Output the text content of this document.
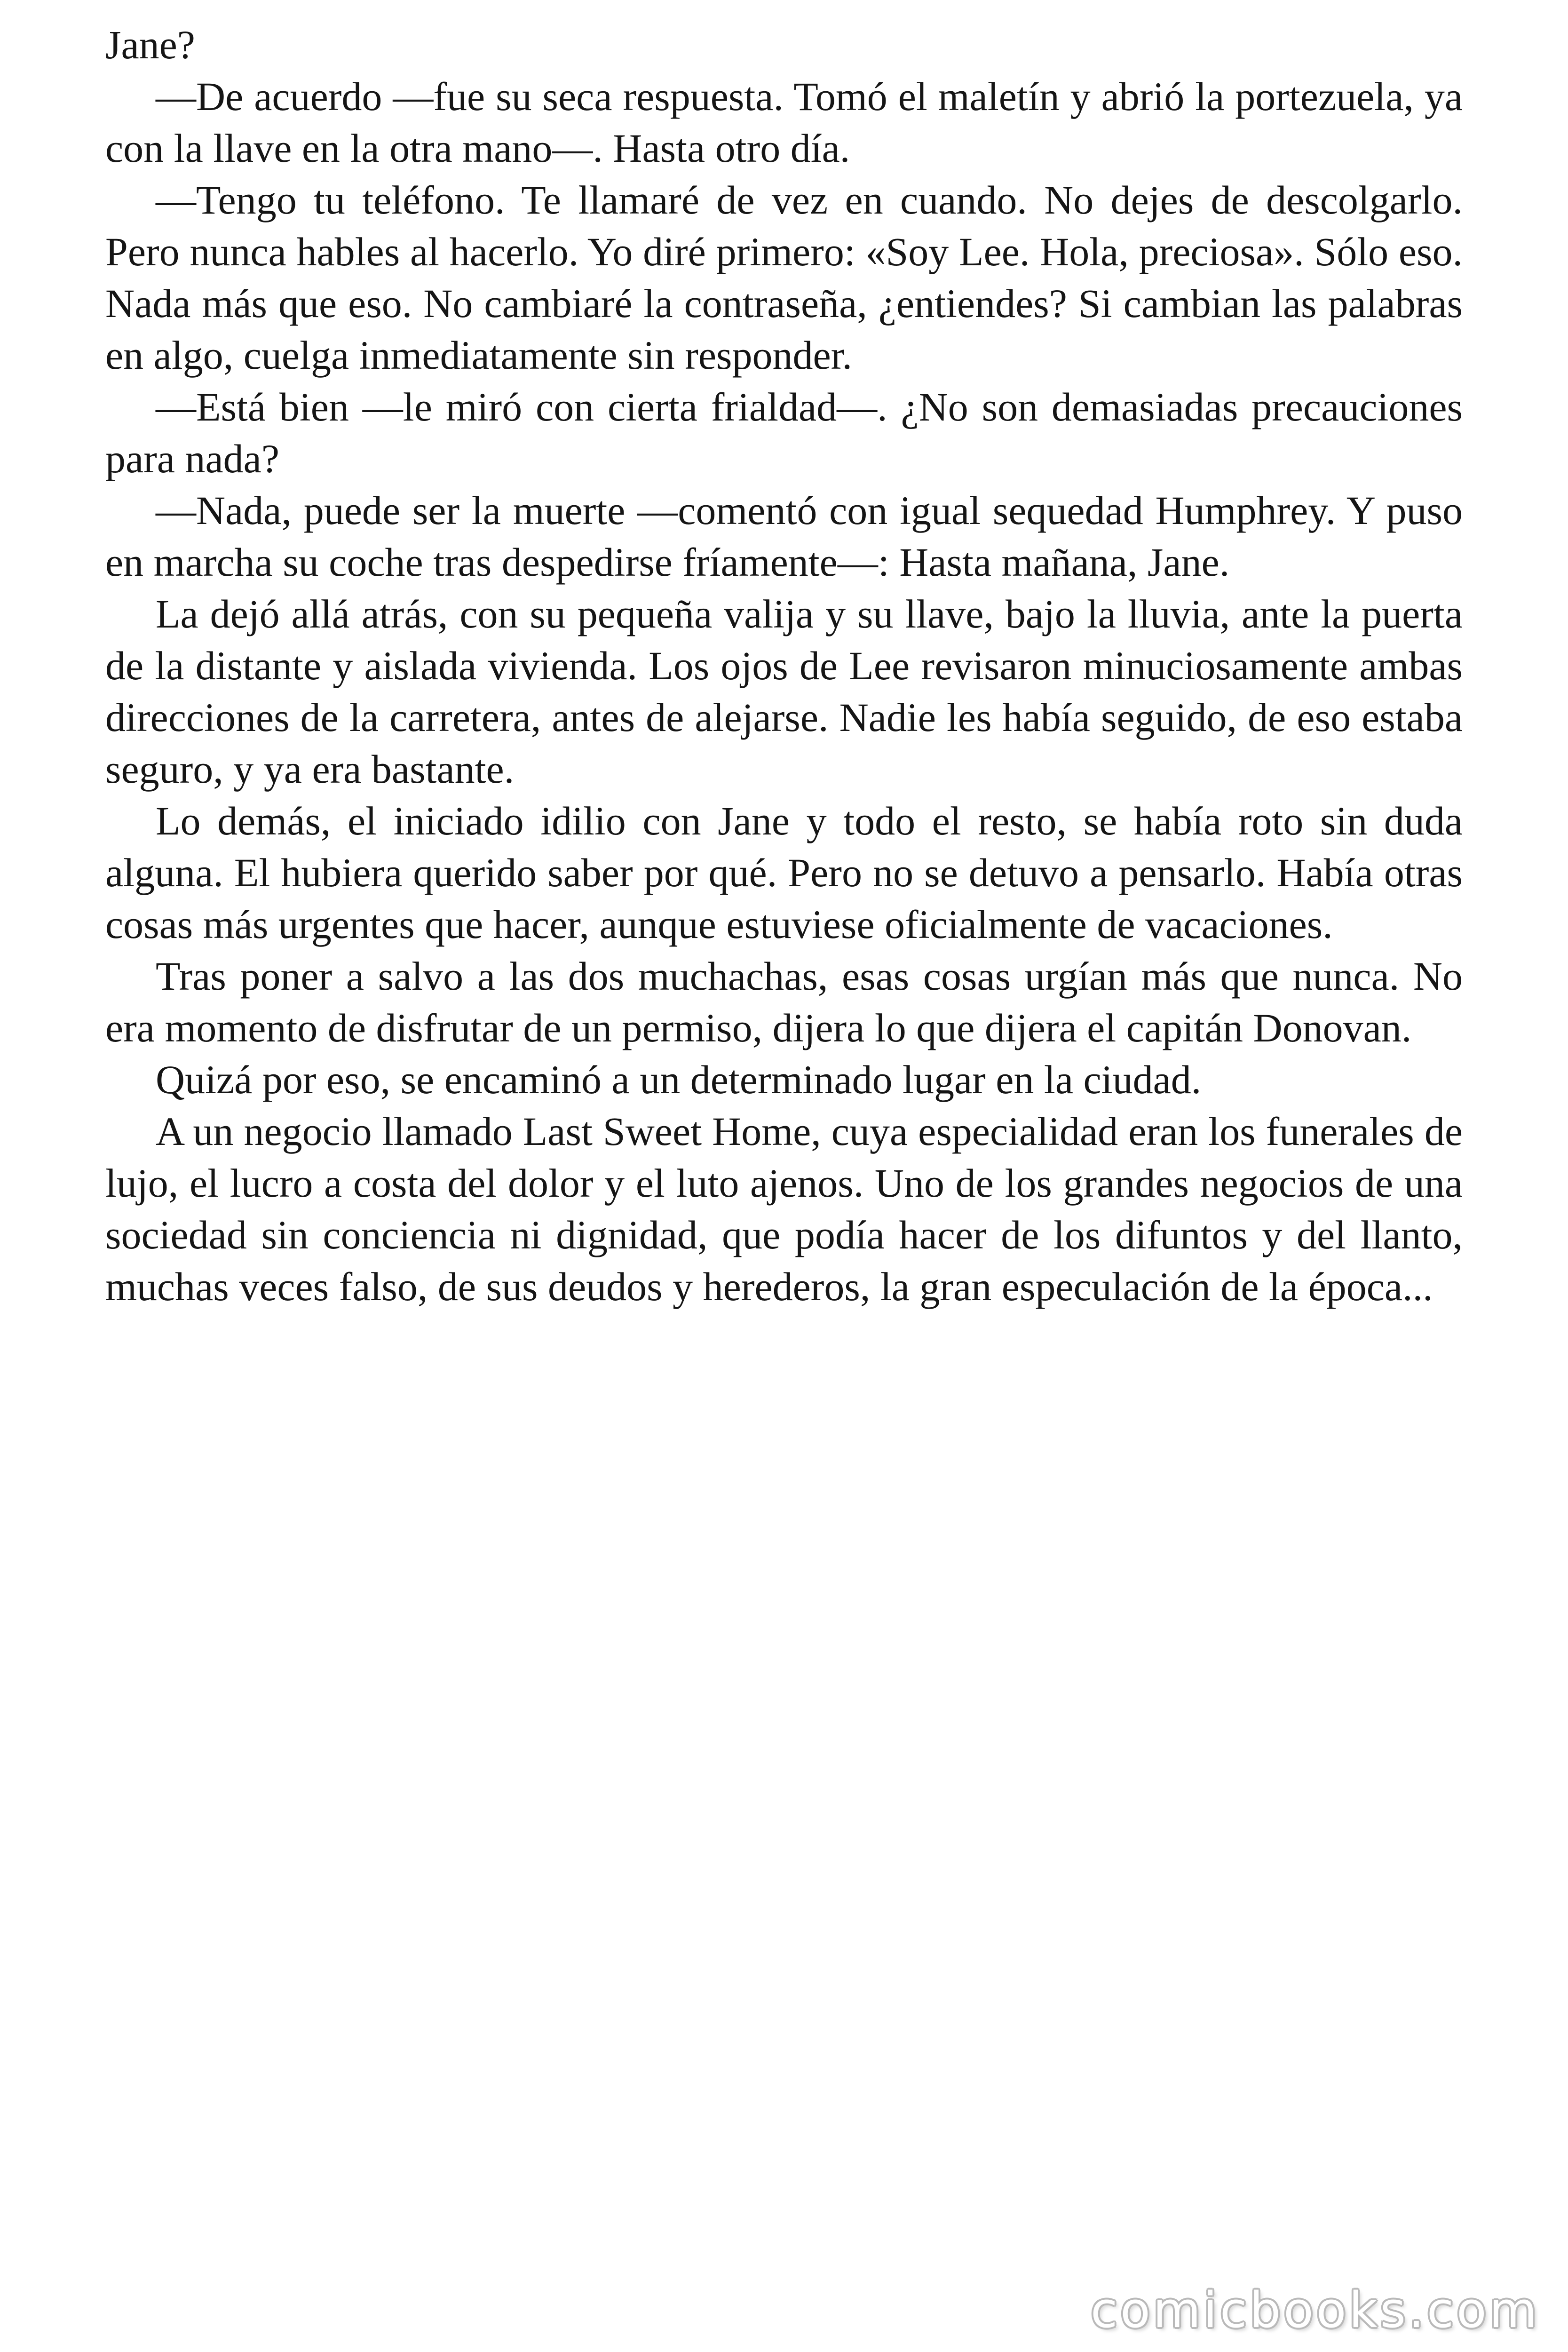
Jane?

—De acuerdo —fue su seca respuesta. Tomó el maletín y abrió la portezuela, ya con la llave en la otra mano—. Hasta otro día.

—Tengo tu teléfono. Te llamaré de vez en cuando. No dejes de descolgarlo. Pero nunca hables al hacerlo. Yo diré primero: «Soy Lee. Hola, preciosa». Sólo eso. Nada más que eso. No cambiaré la contraseña, ¿entiendes? Si cambian las palabras en algo, cuelga inmediatamente sin responder.

—Está bien —le miró con cierta frialdad—. ¿No son demasiadas precauciones para nada?

—Nada, puede ser la muerte —comentó con igual sequedad Humphrey. Y puso en marcha su coche tras despedirse fríamente—: Hasta mañana, Jane.

La dejó allá atrás, con su pequeña valija y su llave, bajo la lluvia, ante la puerta de la distante y aislada vivienda. Los ojos de Lee revisaron minuciosamente ambas direcciones de la carretera, antes de alejarse. Nadie les había seguido, de eso estaba seguro, y ya era bastante.

Lo demás, el iniciado idilio con Jane y todo el resto, se había roto sin duda alguna. El hubiera querido saber por qué. Pero no se detuvo a pensarlo. Había otras cosas más urgentes que hacer, aunque estuviese oficialmente de vacaciones.

Tras poner a salvo a las dos muchachas, esas cosas urgían más que nunca. No era momento de disfrutar de un permiso, dijera lo que dijera el capitán Donovan.

Quizá por eso, se encaminó a un determinado lugar en la ciudad.

A un negocio llamado Last Sweet Home, cuya especialidad eran los funerales de lujo, el lucro a costa del dolor y el luto ajenos. Uno de los grandes negocios de una sociedad sin conciencia ni dignidad, que podía hacer de los difuntos y del llanto, muchas veces falso, de sus deudos y herederos, la gran especulación de la época...

comicbooks.com
